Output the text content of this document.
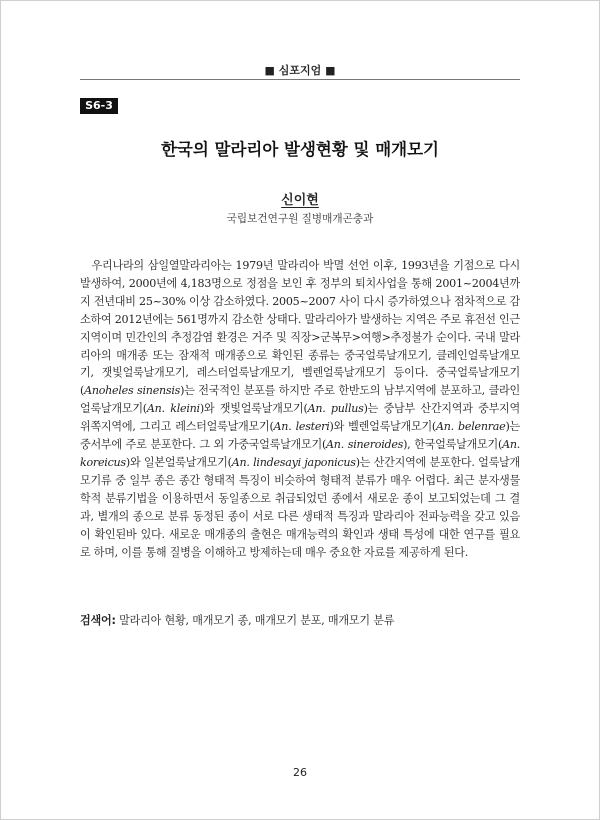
■ 심포지엄 ■
S6-3
한국의 말라리아 발생현황 및 매개모기
신이현
국립보건연구원 질병매개곤충과

　우리나라의 삼일열말라리아는 1979년 말라리아 박멸 선언 이후, 1993년을 기점으로 다시 발생하여, 2000년에 4,183명으로 정점을 보인 후 정부의 퇴치사업을 통해 2001~2004년까지 전년대비 25~30% 이상 감소하였다. 2005~2007 사이 다시 증가하였으나 점차적으로 감소하여 2012년에는 561명까지 감소한 상태다. 말라리아가 발생하는 지역은 주로 휴전선 인근지역이며 민간인의 추정감염 환경은 거주 및 직장>군복무>여행>추정불가 순이다. 국내 말라리아의 매개종 또는 잠재적 매개종으로 확인된 종류는 중국얼룩날개모기, 클레인얼룩날개모기, 잿빛얼룩날개모기, 레스터얼룩날개모기, 벨렌얼룩날개모기 등이다. 중국얼룩날개모기(Anoheles sinensis)는 전국적인 분포를 하지만 주로 한반도의 남부지역에 분포하고, 클라인얼룩날개모기(An. kleini)와 잿빛얼룩날개모기(An. pullus)는 중남부 산간지역과 중부지역 위쪽지역에, 그리고 레스터얼룩날개모기(An. lesteri)와 벨렌얼룩날개모기(An. belenrae)는 중서부에 주로 분포한다. 그 외 가중국얼룩날개모기(An. sineroides), 한국얼룩날개모기(An. koreicus)와 일본얼룩날개모기(An. lindesayi japonicus)는 산간지역에 분포한다. 얼룩날개모기류 중 일부 종은 종간 형태적 특징이 비슷하여 형태적 분류가 매우 어렵다. 최근 분자생물학적 분류기법을 이용하면서 동일종으로 취급되었던 종에서 새로운 종이 보고되었는데 그 결과, 별개의 종으로 분류 동정된 종이 서로 다른 생태적 특징과 말라리아 전파능력을 갖고 있음이 확인된바 있다. 새로운 매개종의 출현은 매개능력의 확인과 생태 특성에 대한 연구를 필요로 하며, 이를 통해 질병을 이해하고 방제하는데 매우 중요한 자료를 제공하게 된다.

검색어: 말라리아 현황, 매개모기 종, 매개모기 분포, 매개모기 분류
26
